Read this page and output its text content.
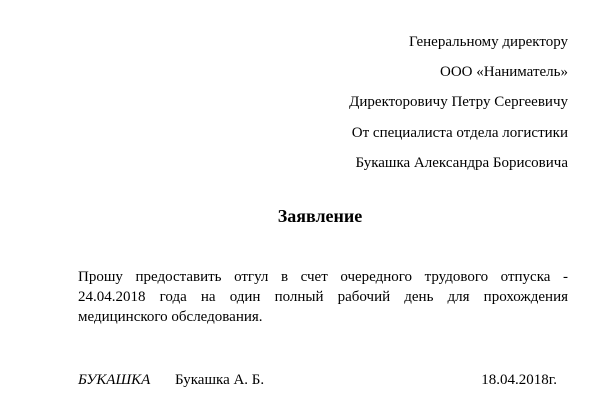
Генеральному директору
ООО «Наниматель»
Директоровичу Петру Сергеевичу
От специалиста отдела логистики
Букашка Александра Борисовича
Заявление
Прошу предоставить отгул в счет очередного трудового отпуска - 24.04.2018 года на один полный рабочий день для прохождения медицинского обследования.
БУКАШКА Букашка А. Б.	18.04.2018г.
